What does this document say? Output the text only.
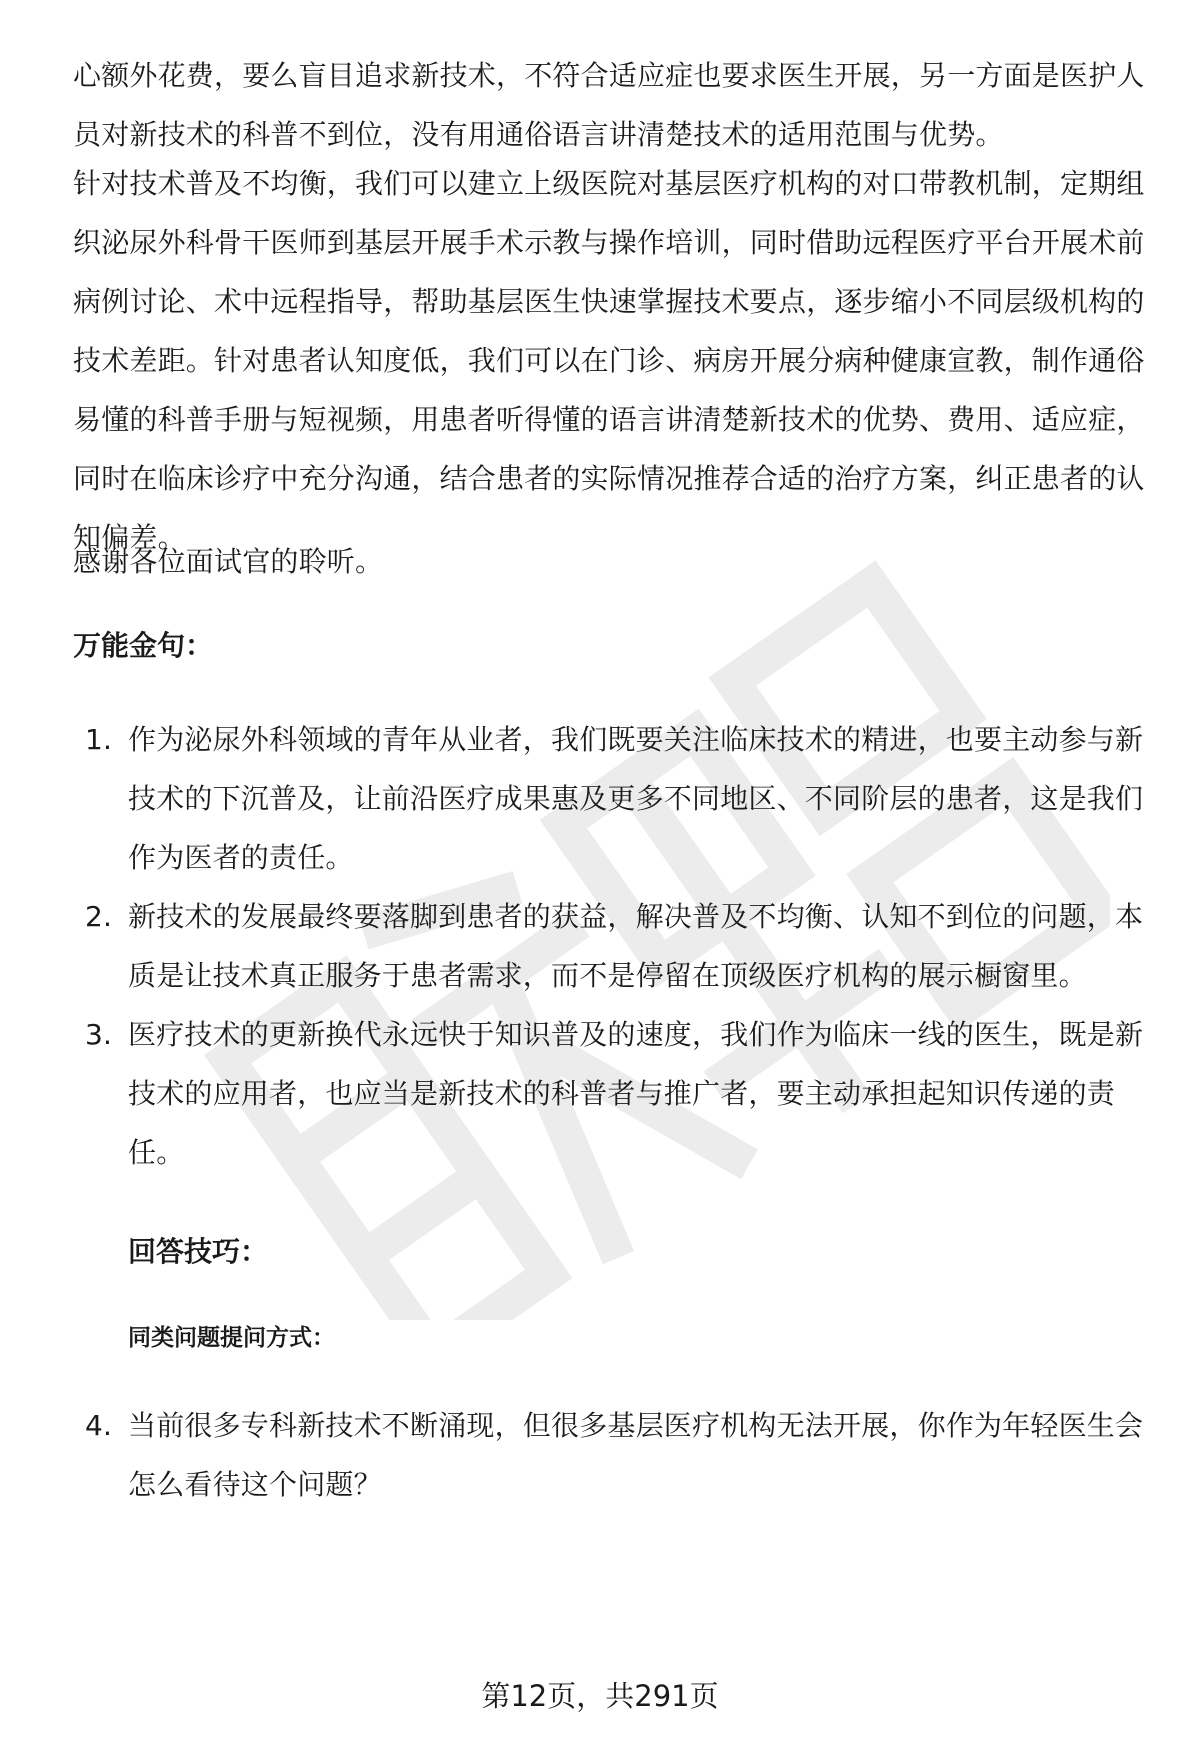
心额外花费，要么盲目追求新技术，不符合适应症也要求医生开展，另一方面是医护人员对新技术的科普不到位，没有用通俗语言讲清楚技术的适用范围与优势。

针对技术普及不均衡，我们可以建立上级医院对基层医疗机构的对口带教机制，定期组织泌尿外科骨干医师到基层开展手术示教与操作培训，同时借助远程医疗平台开展术前病例讨论、术中远程指导，帮助基层医生快速掌握技术要点，逐步缩小不同层级机构的技术差距。针对患者认知度低，我们可以在门诊、病房开展分病种健康宣教，制作通俗易懂的科普手册与短视频，用患者听得懂的语言讲清楚新技术的优势、费用、适应症，同时在临床诊疗中充分沟通，结合患者的实际情况推荐合适的治疗方案，纠正患者的认知偏差。

感谢各位面试官的聆听。

万能金句：
1. 作为泌尿外科领域的青年从业者，我们既要关注临床技术的精进，也要主动参与新技术的下沉普及，让前沿医疗成果惠及更多不同地区、不同阶层的患者，这是我们作为医者的责任。
2. 新技术的发展最终要落脚到患者的获益，解决普及不均衡、认知不到位的问题，本质是让技术真正服务于患者需求，而不是停留在顶级医疗机构的展示橱窗里。
3. 医疗技术的更新换代永远快于知识普及的速度，我们作为临床一线的医生，既是新技术的应用者，也应当是新技术的科普者与推广者，要主动承担起知识传递的责任。
回答技巧：
同类问题提问方式：
4. 当前很多专科新技术不断涌现，但很多基层医疗机构无法开展，你作为年轻医生会怎么看待这个问题？
第12页，共291页
